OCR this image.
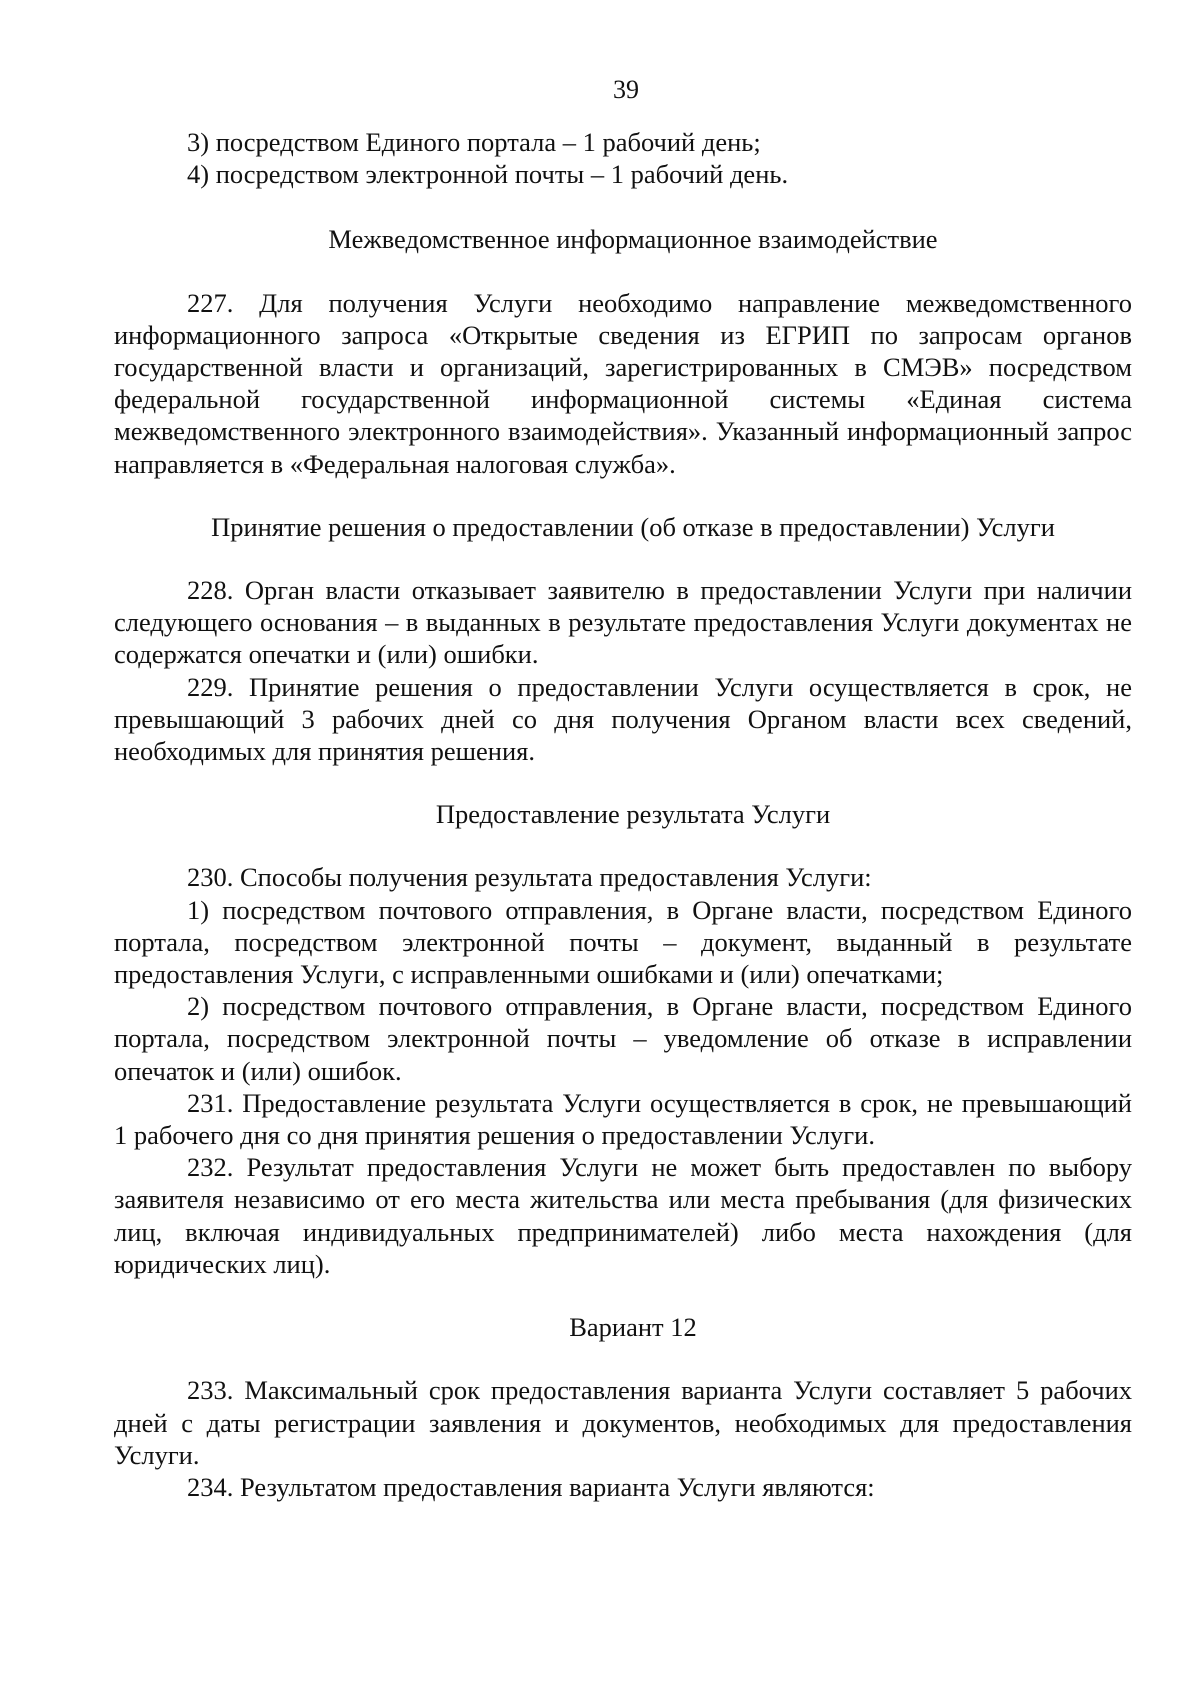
39

3) посредством Единого портала – 1 рабочий день;

4) посредством электронной почты – 1 рабочий день.

Межведомственное информационное взаимодействие

227. Для получения Услуги необходимо направление межведомственного информационного запроса «Открытые сведения из ЕГРИП по запросам органов государственной власти и организаций, зарегистрированных в СМЭВ» посредством федеральной государственной информационной системы «Единая система межведомственного электронного взаимодействия». Указанный информационный запрос направляется в «Федеральная налоговая служба».

Принятие решения о предоставлении (об отказе в предоставлении) Услуги

228. Орган власти отказывает заявителю в предоставлении Услуги при наличии следующего основания – в выданных в результате предоставления Услуги документах не содержатся опечатки и (или) ошибки.

229. Принятие решения о предоставлении Услуги осуществляется в срок, не превышающий 3 рабочих дней со дня получения Органом власти всех сведений, необходимых для принятия решения.

Предоставление результата Услуги

230. Способы получения результата предоставления Услуги:

1) посредством почтового отправления, в Органе власти, посредством Единого портала, посредством электронной почты – документ, выданный в результате предоставления Услуги, с исправленными ошибками и (или) опечатками;

2) посредством почтового отправления, в Органе власти, посредством Единого портала, посредством электронной почты – уведомление об отказе в исправлении опечаток и (или) ошибок.

231. Предоставление результата Услуги осуществляется в срок, не превышающий 1 рабочего дня со дня принятия решения о предоставлении Услуги.

232. Результат предоставления Услуги не может быть предоставлен по выбору заявителя независимо от его места жительства или места пребывания (для физических лиц, включая индивидуальных предпринимателей) либо места нахождения (для юридических лиц).

Вариант 12

233. Максимальный срок предоставления варианта Услуги составляет 5 рабочих дней с даты регистрации заявления и документов, необходимых для предоставления Услуги.

234. Результатом предоставления варианта Услуги являются:
